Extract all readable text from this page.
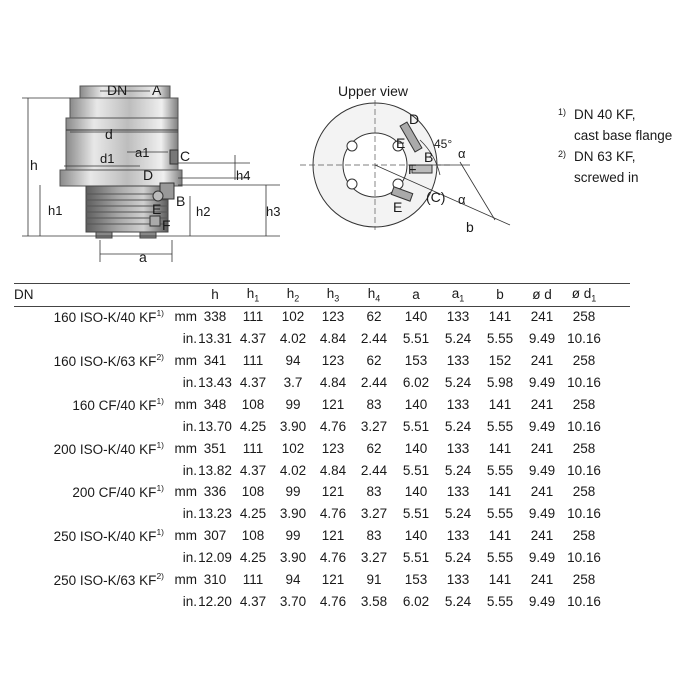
DN A
h
d
a1 C
d1
D	h4
B
E
h1	h2	h3
F
a
Upper view
D
E
B
F
(C)
E
45°
α
α
b
1) DN 40 KF,
cast base flange
2) DN 63 KF,
screwed in
DN		h	$h_1$	$h_2$	$h_3$	$h_4$	a	$a_1$	b	ø d	ø $d_1$
160 ISO-K/40 KF$^{1)}$	mm	338	111	102	123	62	140	133	141	241	258
	in.	13.31	4.37	4.02	4.84	2.44	5.51	5.24	5.55	9.49	10.16
160 ISO-K/63 KF$^{2)}$	mm	341	111	94	123	62	153	133	152	241	258
	in.	13.43	4.37	3.7	4.84	2.44	6.02	5.24	5.98	9.49	10.16
160 CF/40 KF$^{1)}$	mm	348	108	99	121	83	140	133	141	241	258
	in.	13.70	4.25	3.90	4.76	3.27	5.51	5.24	5.55	9.49	10.16
200 ISO-K/40 KF$^{1)}$	mm	351	111	102	123	62	140	133	141	241	258
	in.	13.82	4.37	4.02	4.84	2.44	5.51	5.24	5.55	9.49	10.16
200 CF/40 KF$^{1)}$	mm	336	108	99	121	83	140	133	141	241	258
	in.	13.23	4.25	3.90	4.76	3.27	5.51	5.24	5.55	9.49	10.16
250 ISO-K/40 KF$^{1)}$	mm	307	108	99	121	83	140	133	141	241	258
	in.	12.09	4.25	3.90	4.76	3.27	5.51	5.24	5.55	9.49	10.16
250 ISO-K/63 KF$^{2)}$	mm	310	111	94	121	91	153	133	141	241	258
	in.	12.20	4.37	3.70	4.76	3.58	6.02	5.24	5.55	9.49	10.16
